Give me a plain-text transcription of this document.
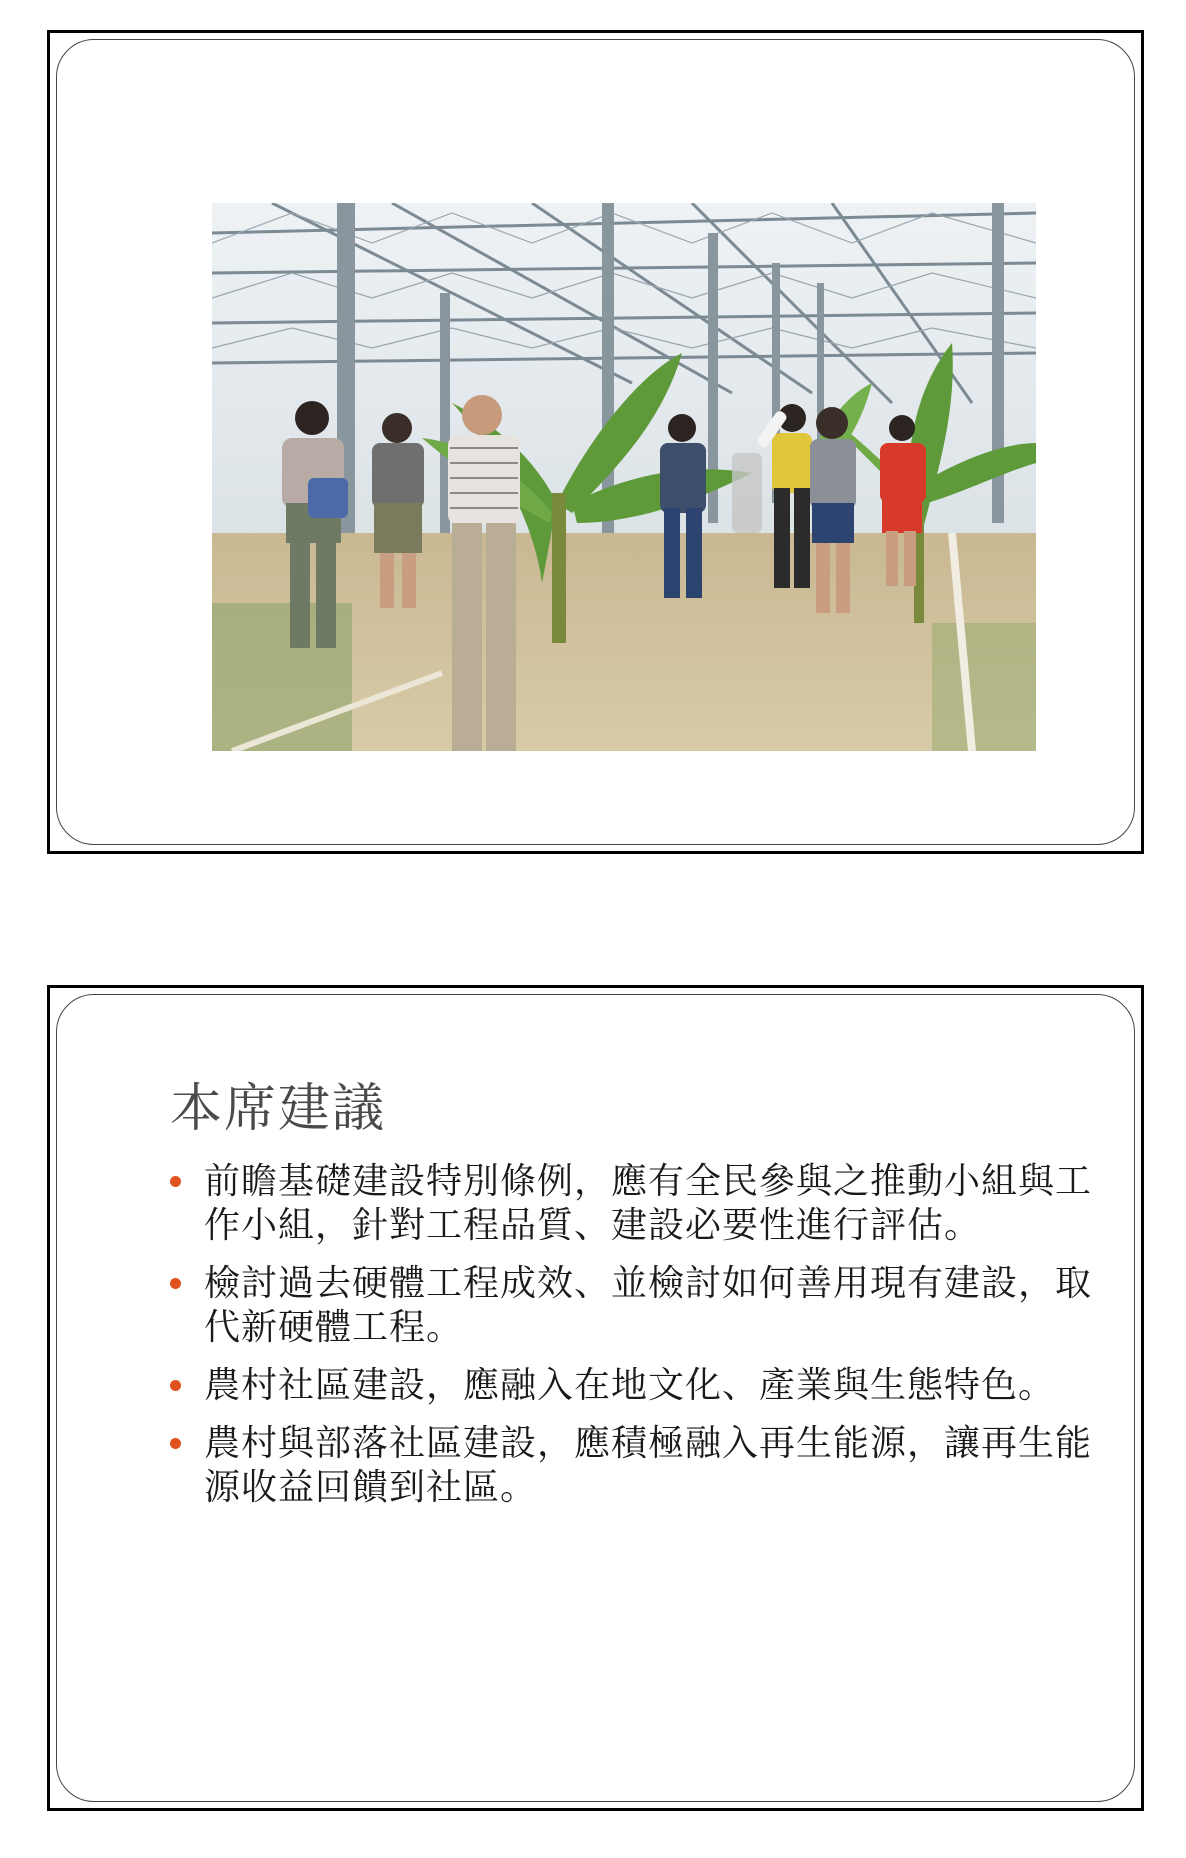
本席建議
前瞻基礎建設特別條例，應有全民參與之推動小組與工作小組，針對工程品質、建設必要性進行評估。
檢討過去硬體工程成效、並檢討如何善用現有建設，取代新硬體工程。
農村社區建設，應融入在地文化、產業與生態特色。
農村與部落社區建設，應積極融入再生能源，讓再生能源收益回饋到社區。
